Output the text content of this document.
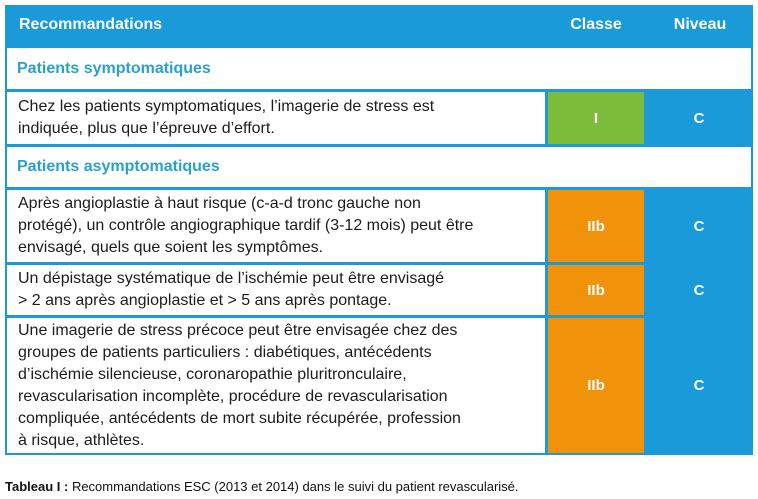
Recommandations	Classe	Niveau
Patients symptomatiques
Chez les patients symptomatiques, l’imagerie de stress est
indiquée, plus que l’épreuve d’effort.
I	C
Patients asymptomatiques
Après angioplastie à haut risque (c-a-d tronc gauche non
protégé), un contrôle angiographique tardif (3-12 mois) peut être
envisagé, quels que soient les symptômes.
IIb	C
Un dépistage systématique de l’ischémie peut être envisagé
> 2 ans après angioplastie et > 5 ans après pontage.
IIb	C
Une imagerie de stress précoce peut être envisagée chez des
groupes de patients particuliers : diabétiques, antécédents
d’ischémie silencieuse, coronaropathie pluritronculaire,
revascularisation incomplète, procédure de revascularisation
compliquée, antécédents de mort subite récupérée, profession
à risque, athlètes.
IIb	C
Tableau I : Recommandations ESC (2013 et 2014) dans le suivi du patient revascularisé.
